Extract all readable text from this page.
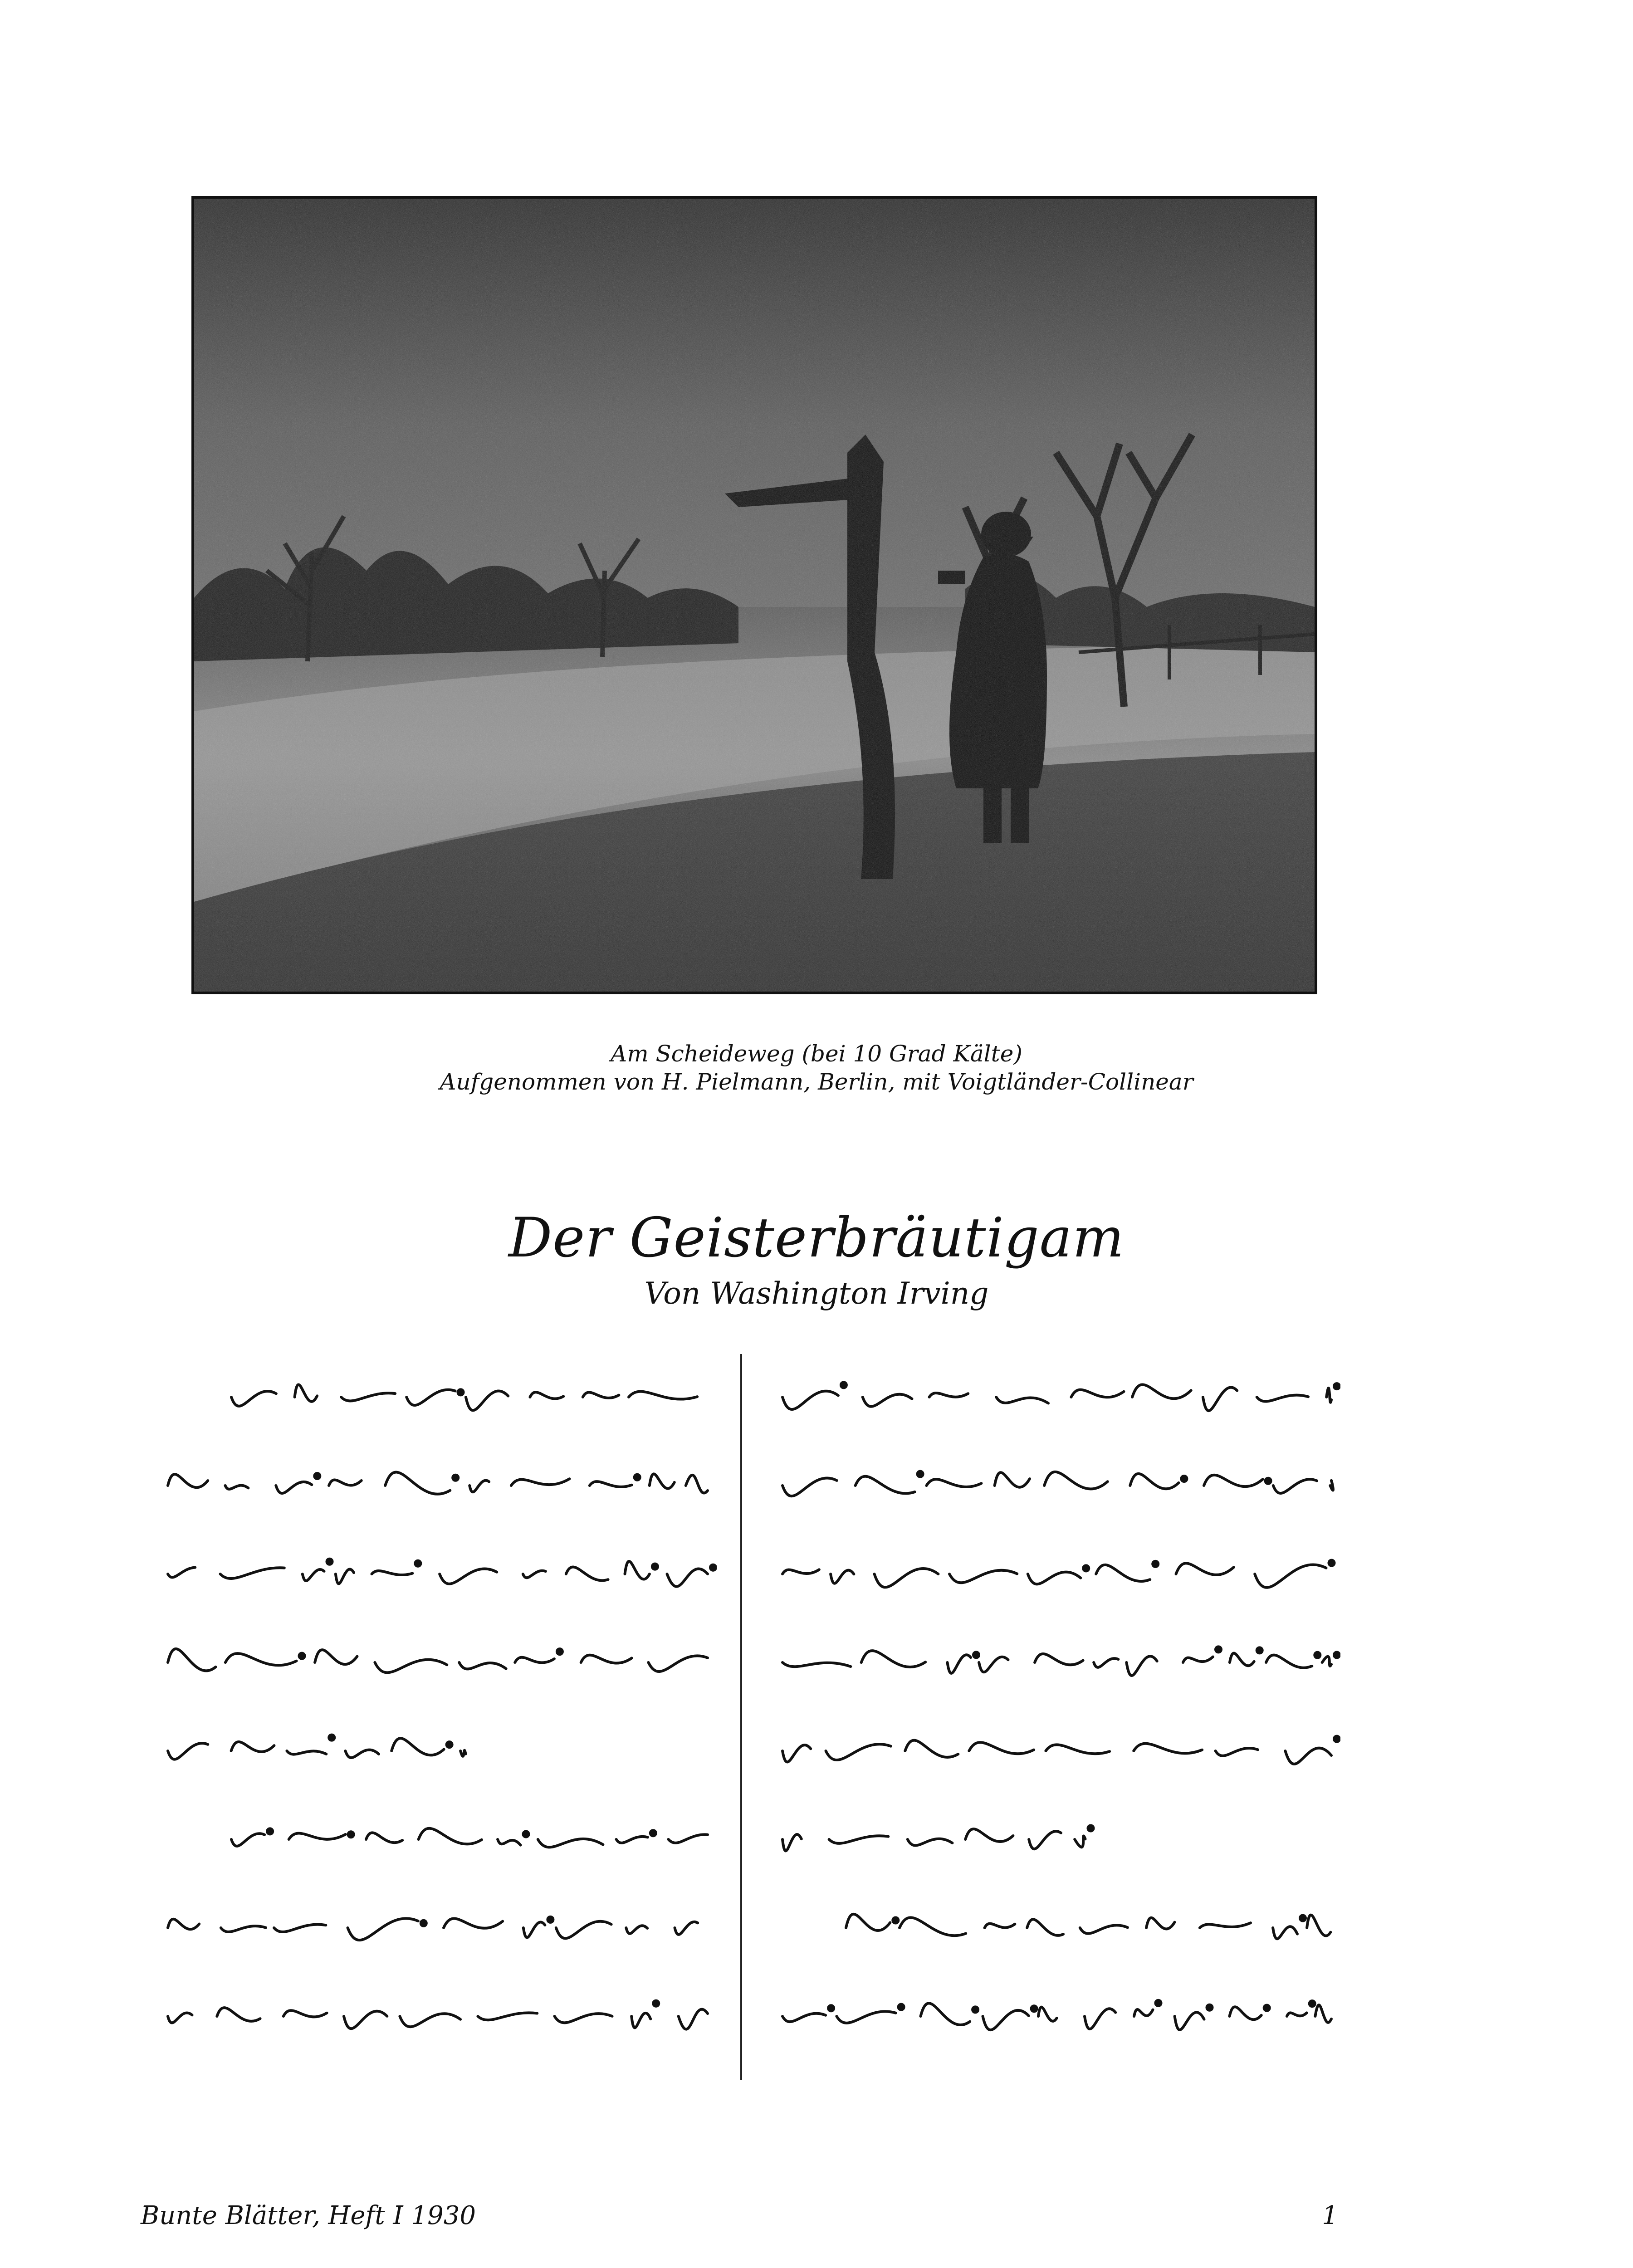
Am Scheideweg (bei 10 Grad Kälte)
Aufgenommen von H. Pielmann, Berlin, mit Voigtländer-Collinear
Der Geisterbräutigam
Von Washington Irving
Bunte Blätter, Heft I 1930	1
